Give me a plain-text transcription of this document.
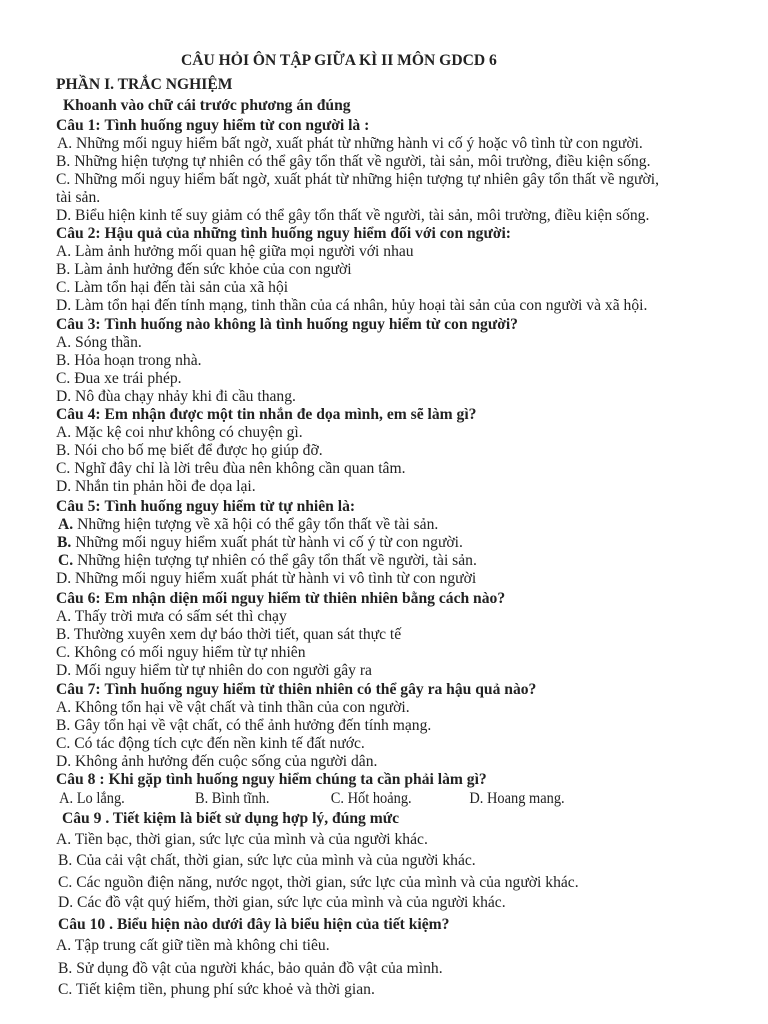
CÂU HỎI ÔN TẬP GIỮA KÌ II MÔN GDCD 6
PHẦN I. TRẮC NGHIỆM
Khoanh vào chữ cái trước phương án đúng
Câu 1: Tình huống nguy hiểm từ con người là :
A. Những mối nguy hiểm bất ngờ, xuất phát từ những hành vi cố ý hoặc vô tình từ con người.
B. Những hiện tượng tự nhiên có thể gây tổn thất về người, tài sản, môi trường, điều kiện sống.
C. Những mối nguy hiểm bất ngờ, xuất phát từ những hiện tượng tự nhiên gây tổn thất về người,
tài sản.
D. Biểu hiện kinh tế suy giảm có thể gây tổn thất về người, tài sản, môi trường, điều kiện sống.
Câu 2: Hậu quả của những tình huống nguy hiểm đối với con người:
A. Làm ảnh hưởng mối quan hệ giữa mọi người với nhau
B. Làm ảnh hưởng đến sức khỏe của con người
C. Làm tổn hại đến tài sản của xã hội
D. Làm tổn hại đến tính mạng, tinh thần của cá nhân, hủy hoại tài sản của con người và xã hội.
Câu 3: Tình huống nào không là tình huống nguy hiểm từ con người?
A. Sóng thần.
B. Hỏa hoạn trong nhà.
C. Đua xe trái phép.
D. Nô đùa chạy nhảy khi đi cầu thang.
Câu 4: Em nhận được một tin nhắn đe dọa mình, em sẽ làm gì?
A. Mặc kệ coi như không có chuyện gì.
B. Nói cho bố mẹ biết để được họ giúp đỡ.
C. Nghĩ đây chỉ là lời trêu đùa nên không cần quan tâm.
D. Nhắn tin phản hồi đe dọa lại.
Câu 5: Tình huống nguy hiểm từ tự nhiên là:
A. Những hiện tượng về xã hội có thể gây tổn thất về tài sản.
B. Những mối nguy hiểm xuất phát từ hành vi cố ý từ con người.
C. Những hiện tượng tự nhiên có thể gây tổn thất về người, tài sản.
D. Những mối nguy hiểm xuất phát từ hành vi vô tình từ con người
Câu 6: Em nhận diện mối nguy hiểm từ thiên nhiên bằng cách nào?
A. Thấy trời mưa có sấm sét thì chạy
B. Thường xuyên xem dự báo thời tiết, quan sát thực tế
C. Không có mối nguy hiểm từ tự nhiên
D. Mối nguy hiểm từ tự nhiên do con người gây ra
Câu 7: Tình huống nguy hiểm từ thiên nhiên có thể gây ra hậu quả nào?
A. Không tổn hại về vật chất và tinh thần của con người.
B. Gây tổn hại về vật chất, có thể ảnh hưởng đến tính mạng.
C. Có tác động tích cực đến nền kinh tế đất nước.
D. Không ảnh hưởng đến cuộc sống của người dân.
Câu 8 : Khi gặp tình huống nguy hiểm chúng ta cần phải làm gì?
A. Lo lắng.	B. Bình tĩnh.	C. Hốt hoảng.	D. Hoang mang.
Câu 9 . Tiết kiệm là biết sử dụng hợp lý, đúng mức
A. Tiền bạc, thời gian, sức lực của mình và của người khác.
B. Của cải vật chất, thời gian, sức lực của mình và của người khác.
C. Các nguồn điện năng, nước ngọt, thời gian, sức lực của mình và của người khác.
D. Các đồ vật quý hiếm, thời gian, sức lực của mình và của người khác.
Câu 10 . Biểu hiện nào dưới đây là biểu hiện của tiết kiệm?
A. Tập trung cất giữ tiền mà không chi tiêu.
B. Sử dụng đồ vật của người khác, bảo quản đồ vật của mình.
C. Tiết kiệm tiền, phung phí sức khoẻ và thời gian.
